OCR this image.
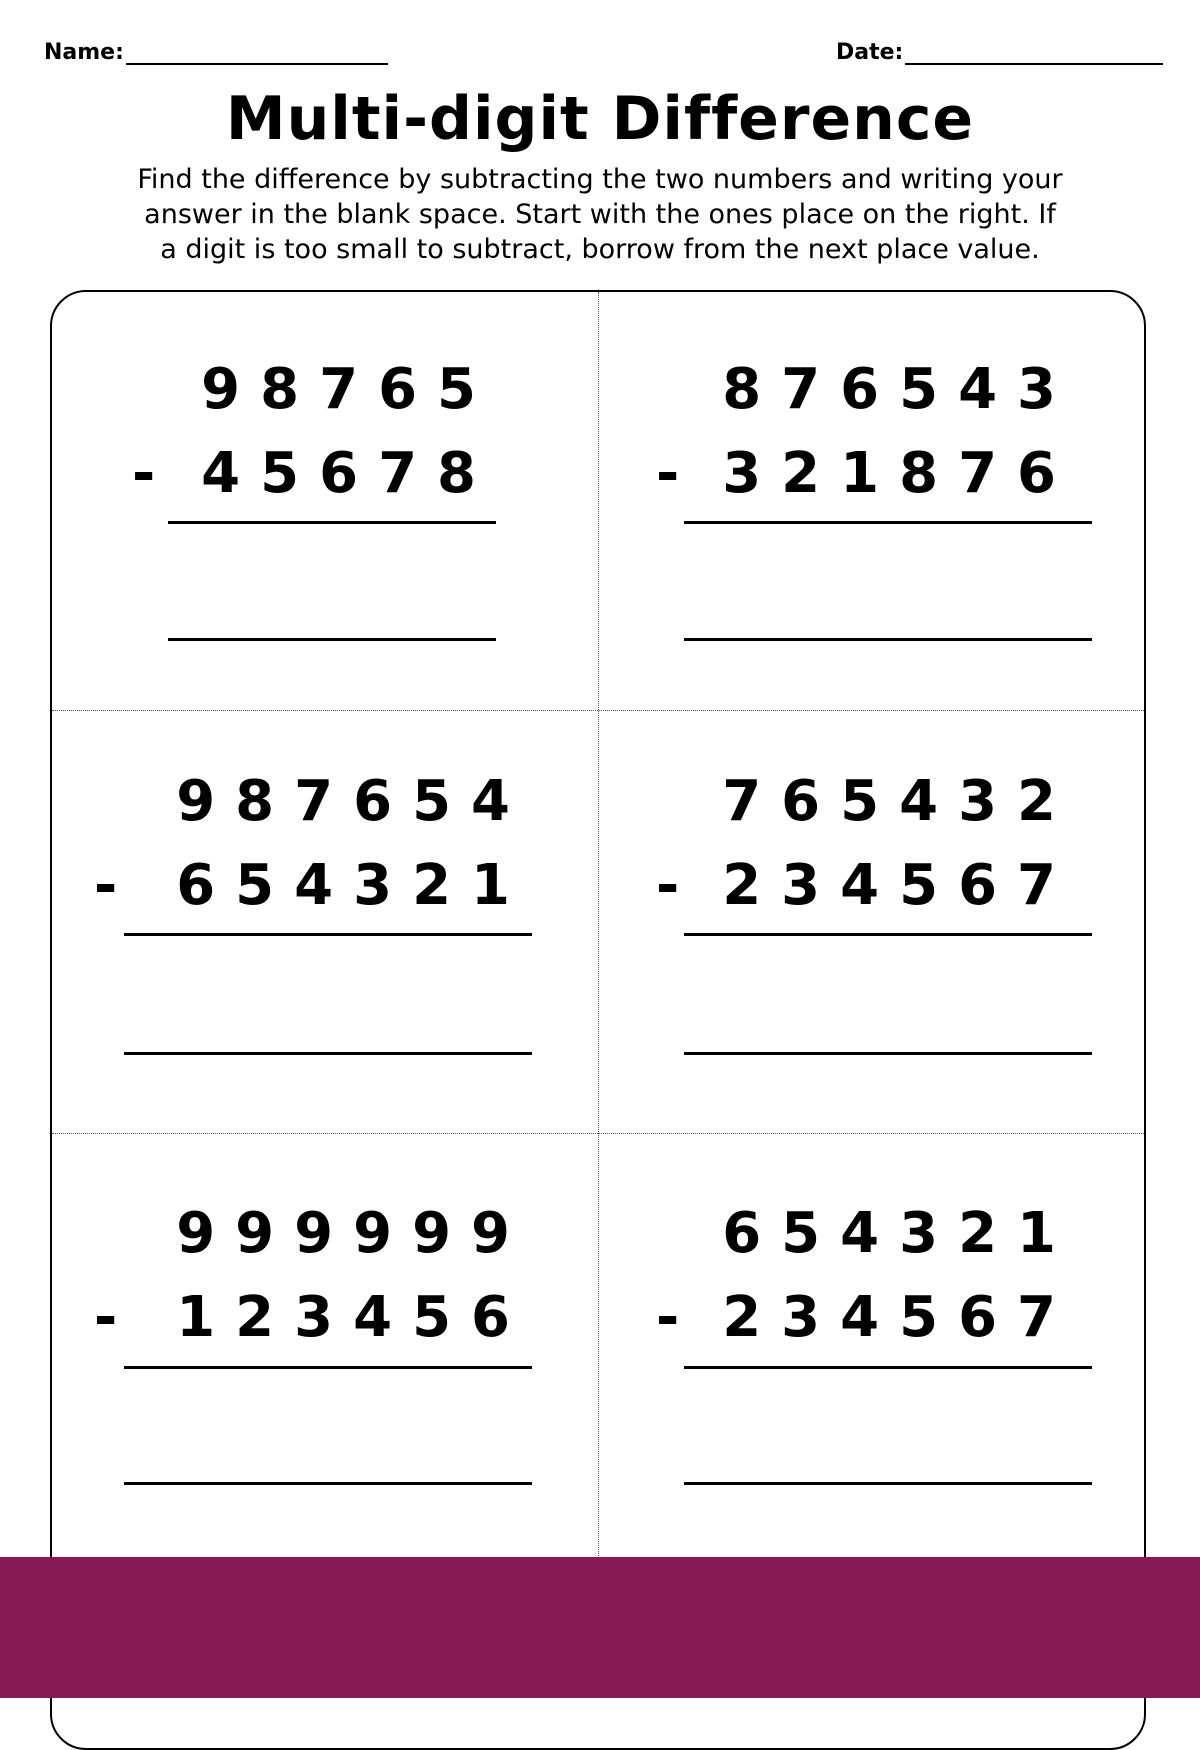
Name:	Date:
Multi-digit Difference
Find the difference by subtracting the two numbers and writing your
answer in the blank space. Start with the ones place on the right. If
a digit is too small to subtract, borrow from the next place value.
98765
- 45678
876543
- 321876
987654
- 654321
765432
- 234567
999999
- 123456
654321
- 234567
